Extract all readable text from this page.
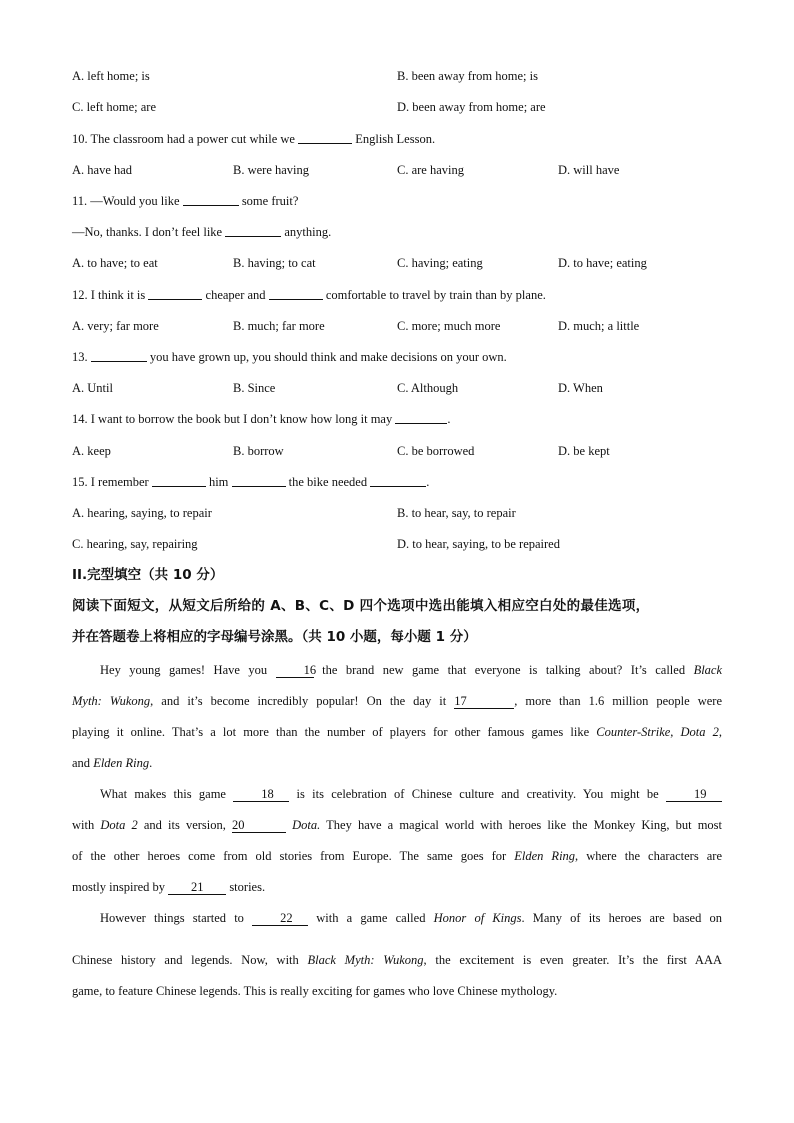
A. left home; is	B. been away from home; is
C. left home; are	D. been away from home; are
10. The classroom had a power cut while we	English Lesson.
A. have had	B. were having	C. are having	D. will have
11. —Would you like	some fruit?
—No, thanks. I don’t feel like	anything.
A. to have; to eat	B. having; to cat	C. having; eating	D. to have; eating
12. I think it is	cheaper and	comfortable to travel by train than by plane.
A. very; far more	B. much; far more	C. more; much more	D. much; a little
13.	you have grown up, you should think and make decisions on your own.
A. Until	B. Since	C. Although	D. When
14. I want to borrow the book but I don’t know how long it may	.
A. keep	B. borrow	C. be borrowed	D. be kept
15. I remember	him	the bike needed	.
A. hearing, saying, to repair	B. to hear, say, to repair
C. hearing, say, repairing	D. to hear, saying, to be repaired
II.完型填空（共 10 分）
阅读下面短文，从短文后所给的 A、B、C、D 四个选项中选出能填入相应空白处的最佳选项，
并在答题卷上将相应的字母编号涂黑。（共 10 小题，每小题 1 分）
Hey young games! Have you	16 the brand new game that everyone is talking about? It’s called Black
Myth: Wukong, and it’s become incredibly popular! On the day it 17	, more than 1.6 million people were
playing it online. That’s a lot more than the number of players for other famous games like Counter-Strike, Dota 2,
and Elden Ring.
What makes this game	18 is its celebration of Chinese culture and creativity. You might be	19
with Dota 2 and its version, 20	Dota. They have a magical world with heroes like the Monkey King, but most
of the other heroes come from old stories from Europe. The same goes for Elden Ring, where the characters are
mostly inspired by 21 stories.
However things started to	22 with a game called Honor of Kings. Many of its heroes are based on
Chinese history and legends. Now, with Black Myth: Wukong, the excitement is even greater. It’s the first AAA
game, to feature Chinese legends. This is really exciting for games who love Chinese mythology.
